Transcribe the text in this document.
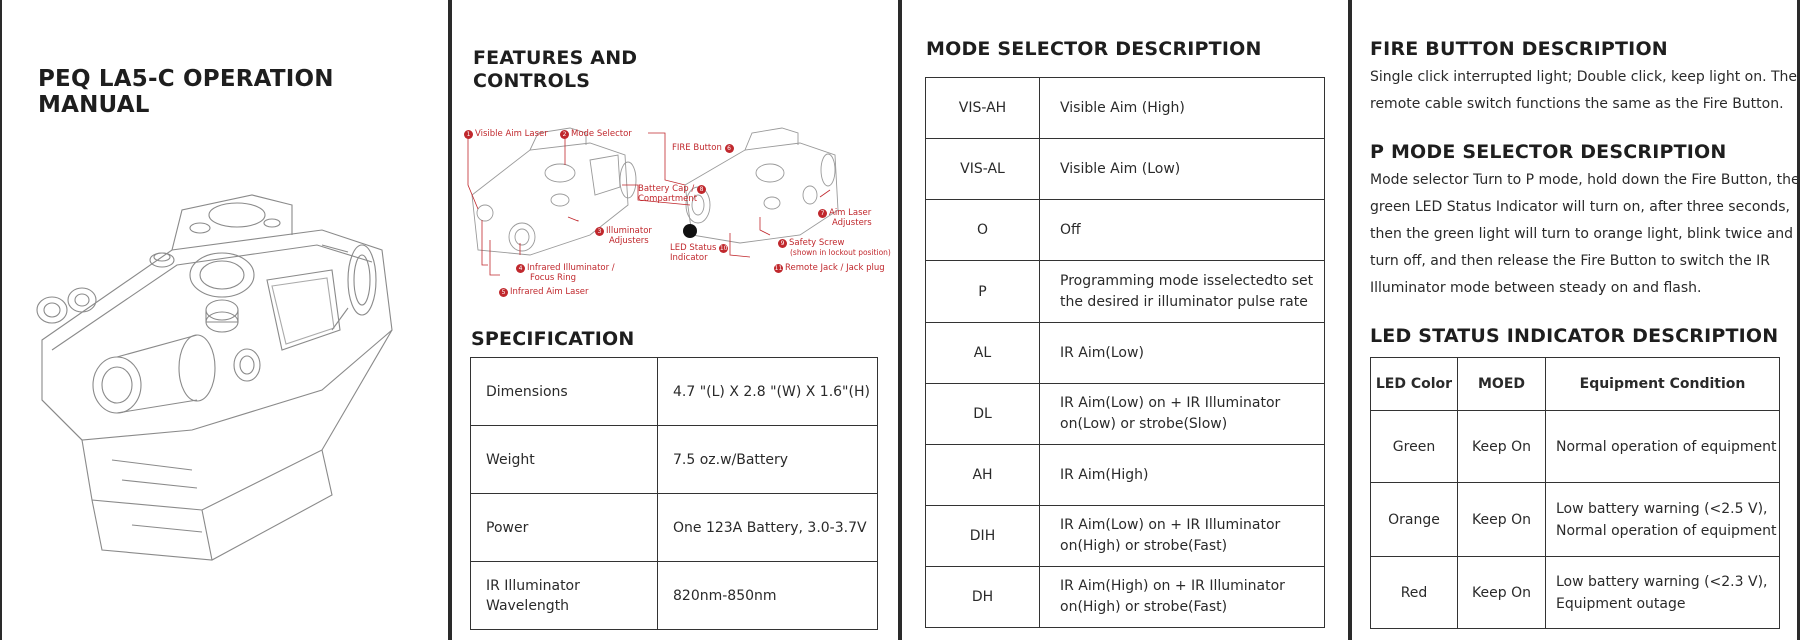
PEQ LA5-C OPERATION MANUAL
FEATURES AND
CONTROLS
1 Visible Aim Laser	2 Mode Selector
3 Illuminator
Adjusters
4 Infrared Illuminator /
Focus Ring
5 Infrared Aim Laser
FIRE Button 6
7 Aim Laser
Adjusters
Battery Cap / 8
Compartment
9 Safety Screw
(shown in lockout position)
LED Status 10
Indicator
11 Remote Jack / Jack plug
SPECIFICATION
Dimensions	4.7 "(L) X 2.8 "(W) X 1.6"(H)
Weight	7.5 oz.w/Battery
Power	One 123A Battery, 3.0-3.7V
IR Illuminator Wavelength	820nm-850nm
MODE SELECTOR DESCRIPTION
VIS-AH	Visible Aim (High)

VIS-AL	Visible Aim (Low)

O	Off

P	Programming mode isselectedto set
the desired ir illuminator pulse rate

AL	IR Aim(Low)

DL	IR Aim(Low) on + IR Illuminator
on(Low) or strobe(Slow)

AH	IR Aim(High)

DIH	IR Aim(Low) on + IR Illuminator
on(High) or strobe(Fast)

DH	IR Aim(High) on + IR Illuminator
on(High) or strobe(Fast)
FIRE BUTTON DESCRIPTION
Single click interrupted light; Double click, keep light on. The
remote cable switch functions the same as the Fire Button.
P MODE SELECTOR DESCRIPTION
Mode selector Turn to P mode, hold down the Fire Button, the
green LED Status Indicator will turn on, after three seconds,
then the green light will turn to orange light, blink twice and
turn off, and then release the Fire Button to switch the IR
Illuminator mode between steady on and flash.
LED STATUS INDICATOR DESCRIPTION
LED Color	MOED	Equipment Condition
Green	Keep On	Normal operation of equipment

Orange	Keep On	Low battery warning (<2.5 V),
Normal operation of equipment

Red	Keep On	Low battery warning (<2.3 V),
Equipment outage
